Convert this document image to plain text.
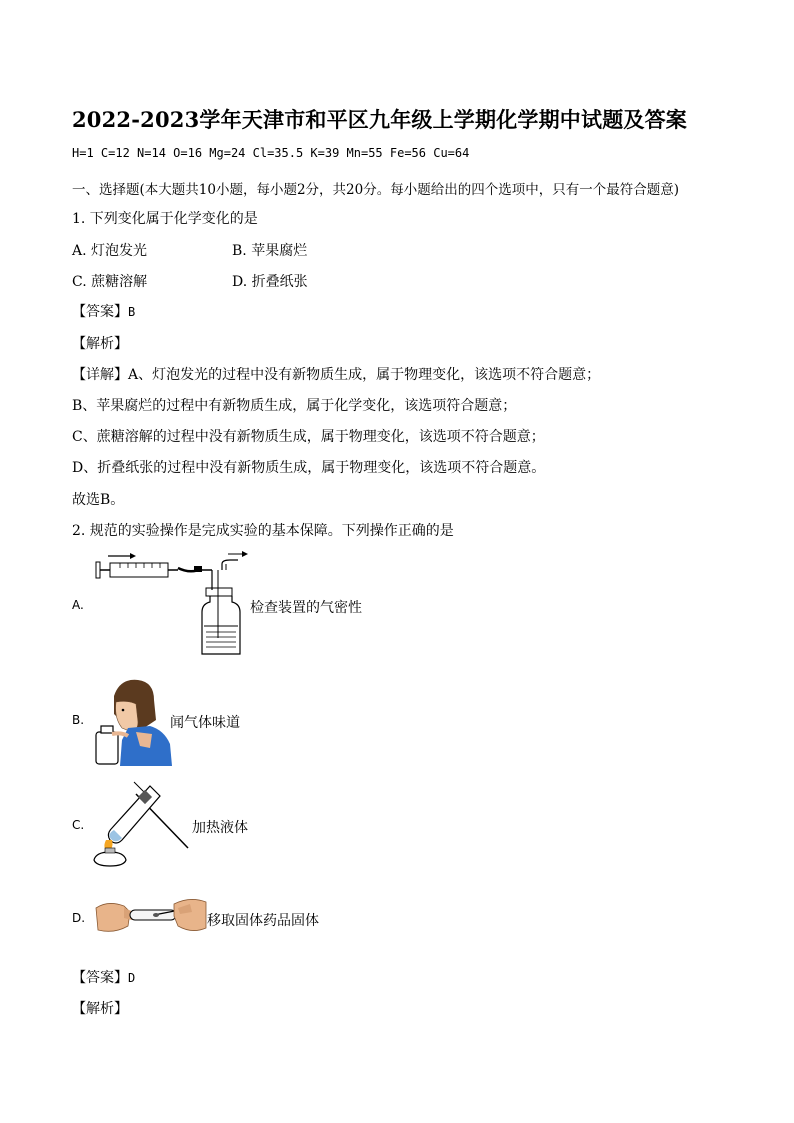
2022-2023学年天津市和平区九年级上学期化学期中试题及答案
H=1 C=12 N=14 O=16 Mg=24 Cl=35.5 K=39 Mn=55 Fe=56 Cu=64
一、选择题(本大题共10小题，每小题2分，共20分。每小题给出的四个选项中，只有一个最符合题意)
1. 下列变化属于化学变化的是
A. 灯泡发光	B. 苹果腐烂
C. 蔗糖溶解	D. 折叠纸张
【答案】B
【解析】
【详解】A、灯泡发光的过程中没有新物质生成，属于物理变化，该选项不符合题意；
B、苹果腐烂的过程中有新物质生成，属于化学变化，该选项符合题意；
C、蔗糖溶解的过程中没有新物质生成，属于物理变化，该选项不符合题意；
D、折叠纸张的过程中没有新物质生成，属于物理变化，该选项不符合题意。
故选B。
2. 规范的实验操作是完成实验的基本保障。下列操作正确的是
A.	检查装置的气密性
B.	闻气体味道
C.	加热液体
D.	移取固体药品固体
【答案】D
【解析】
